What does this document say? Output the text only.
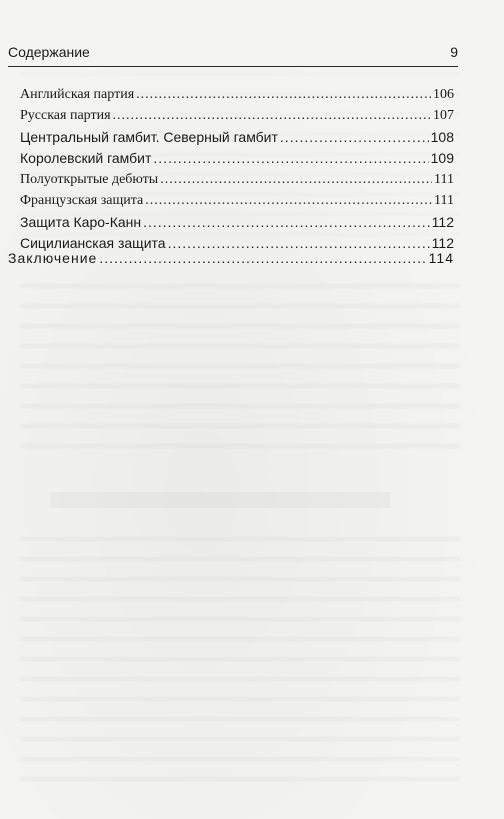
Содержание	9
Английская партия .....	106
Русская партия .....	107
Центральный гамбит. Северный гамбит .....	108
Королевский гамбит .....	109
Полуоткрытые дебюты .....	111
Французская защита .....	111
Защита Каро-Канн .....	112
Сицилианская защита .....	112
Заключение .....	114
